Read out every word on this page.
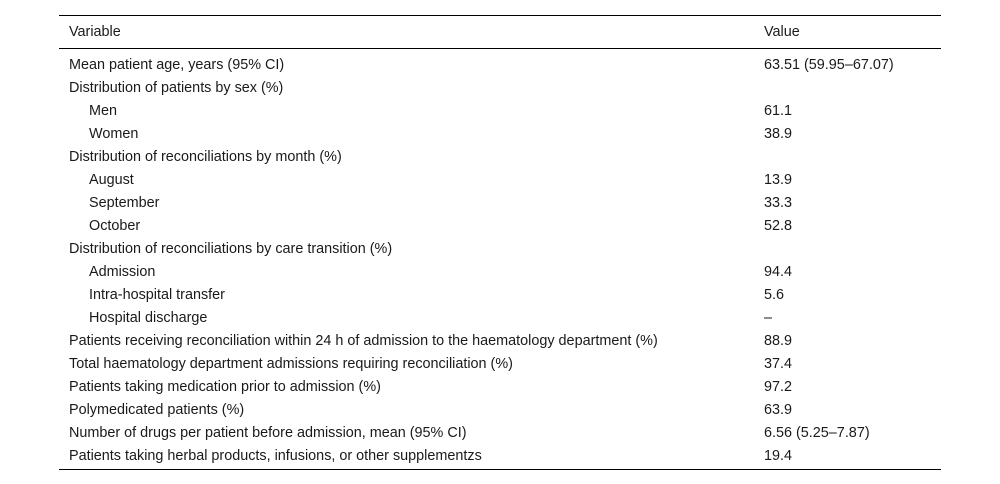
Variable	Value
Mean patient age, years (95% CI)	63.51 (59.95–67.07)
Distribution of patients by sex (%)	
Men	61.1
Women	38.9
Distribution of reconciliations by month (%)	
August	13.9
September	33.3
October	52.8
Distribution of reconciliations by care transition (%)	
Admission	94.4
Intra-hospital transfer	5.6
Hospital discharge	–
Patients receiving reconciliation within 24 h of admission to the haematology department (%)	88.9
Total haematology department admissions requiring reconciliation (%)	37.4
Patients taking medication prior to admission (%)	97.2
Polymedicated patients (%)	63.9
Number of drugs per patient before admission, mean (95% CI)	6.56 (5.25–7.87)
Patients taking herbal products, infusions, or other supplementzs	19.4
